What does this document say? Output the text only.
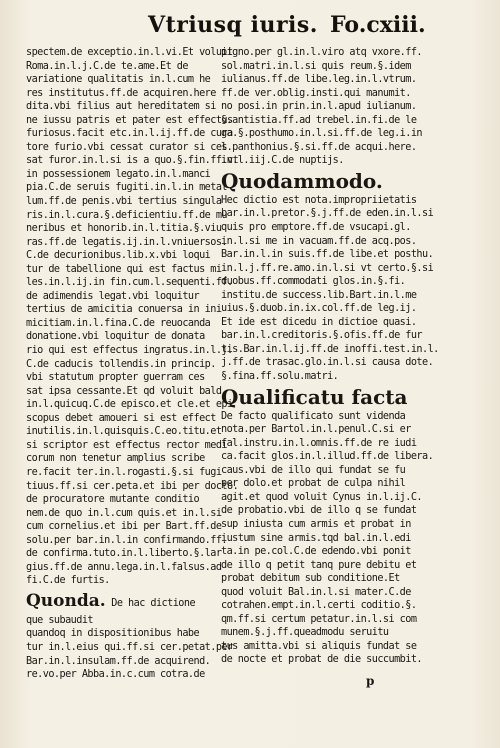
Vtriusq iuris. Fo.cxiii.
spectem.de exceptio.in.l.vi.Et voluit
Roma.in.l.j.C.de te.ame.Et de
variatione qualitatis in.l.cum he
res institutus.ff.de acquiren.here
dita.vbi filius aut hereditatem si
ne iussu patris et pater est effectus
furiosus.facit etc.in.l.ij.ff.de cura
tore furio.vbi cessat curator si ces
sat furor.in.l.si is a quo.§.fin.ff.vt
in possessionem legato.in.l.manci
pia.C.de seruis fugiti.in.l.in metal
lum.ff.de penis.vbi tertius singula
ris.in.l.cura.§.deficientiu.ff.de mu
neribus et honorib.in.l.titia.§.viu
ras.ff.de legatis.ij.in.l.vniuersos.
C.de decurionibus.lib.x.vbi loqui
tur de tabellione qui est factus mi
les.in.l.ij.in fin.cum.l.sequenti.ff.
de adimendis legat.vbi loquitur
tertius de amicitia conuersa in ini
micitiam.in.l.fina.C.de reuocanda
donatione.vbi loquitur de donata
rio qui est effectus ingratus.in.l.j.
C.de caducis tollendis.in princip.
vbi statutum propter guerram ces
sat ipsa cessante.Et qd voluit bald.
in.l.quicuq.C.de episco.et cle.et epi
scopus debet amoueri si est effect
inutilis.in.l.quisquis.C.eo.titu.et
si scriptor est effectus rector medi
corum non tenetur amplius scribe
re.facit ter.in.l.rogasti.§.si fugi
tiuus.ff.si cer.peta.et ibi per docto.
de procuratore mutante conditio
nem.de quo in.l.cum quis.et in.l.si
cum cornelius.et ibi per Bart.ff.de
solu.per bar.in.l.in confirmando.ff.
de confirma.tuto.in.l.liberto.§.lar
gius.ff.de annu.lega.in.l.falsus.ad
fi.C.de furtis.
Quonda. De hac dictione
que subaudit
quandoq in dispositionibus habe
tur in.l.eius qui.ff.si cer.petat.per
Bar.in.l.insulam.ff.de acquirend.
re.vo.per Abba.in.c.cum cotra.de
pigno.per gl.in.l.viro atq vxore.ff.
sol.matri.in.l.si quis reum.§.idem
iulianus.ff.de libe.leg.in.l.vtrum.
ff.de ver.oblig.insti.qui manumit.
no posi.in prin.in.l.apud iulianum.
§.antistia.ff.ad trebel.in.fi.de le
ga.§.posthumo.in.l.si.ff.de leg.i.in
l.panthonius.§.si.ff.de acqui.here.
in.l.iij.C.de nuptijs.
Quodammodo.
Hec dictio est nota.impropriietatis
bar.in.l.pretor.§.j.ff.de eden.in.l.si
quis pro emptore.ff.de vsucapi.gl.
in.l.si me in vacuam.ff.de acq.pos.
Bar.in.l.in suis.ff.de libe.et posthu.
in.l.j.ff.re.amo.in.l.si vt certo.§.si
duobus.ff.commodati glos.in.§.fi.
institu.de success.lib.Bart.in.l.me
uius.§.duob.in.ix.col.ff.de leg.ij.
Et ide est dicedu in dictioe quasi.
bar.in.l.creditoris.§.ofis.ff.de fur
tis.Bar.in.l.ij.ff.de inoffi.test.in.l.
j.ff.de trasac.glo.in.l.si causa dote.
§.fina.ff.solu.matri.
Qualificatu facta
De facto qualificato sunt videnda
nota.per Bartol.in.l.penul.C.si er
fal.instru.in.l.omnis.ff.de re iudi
ca.facit glos.in.l.illud.ff.de libera.
caus.vbi de illo qui fundat se fu
per dolo.et probat de culpa nihil
agit.et quod voluit Cynus in.l.ij.C.
de probatio.vbi de illo q se fundat
sup iniusta cum armis et probat in
iustum sine armis.tqd bal.in.l.edi
ta.in pe.col.C.de edendo.vbi ponit
de illo q petit tanq pure debitu et
probat debitum sub conditione.Et
quod voluit Bal.in.l.si mater.C.de
cotrahen.empt.in.l.certi coditio.§.
qm.ff.si certum petatur.in.l.si com
munem.§.j.ff.queadmodu seruitu
tus amitta.vbi si aliquis fundat se
de nocte et probat de die succumbit.
p
